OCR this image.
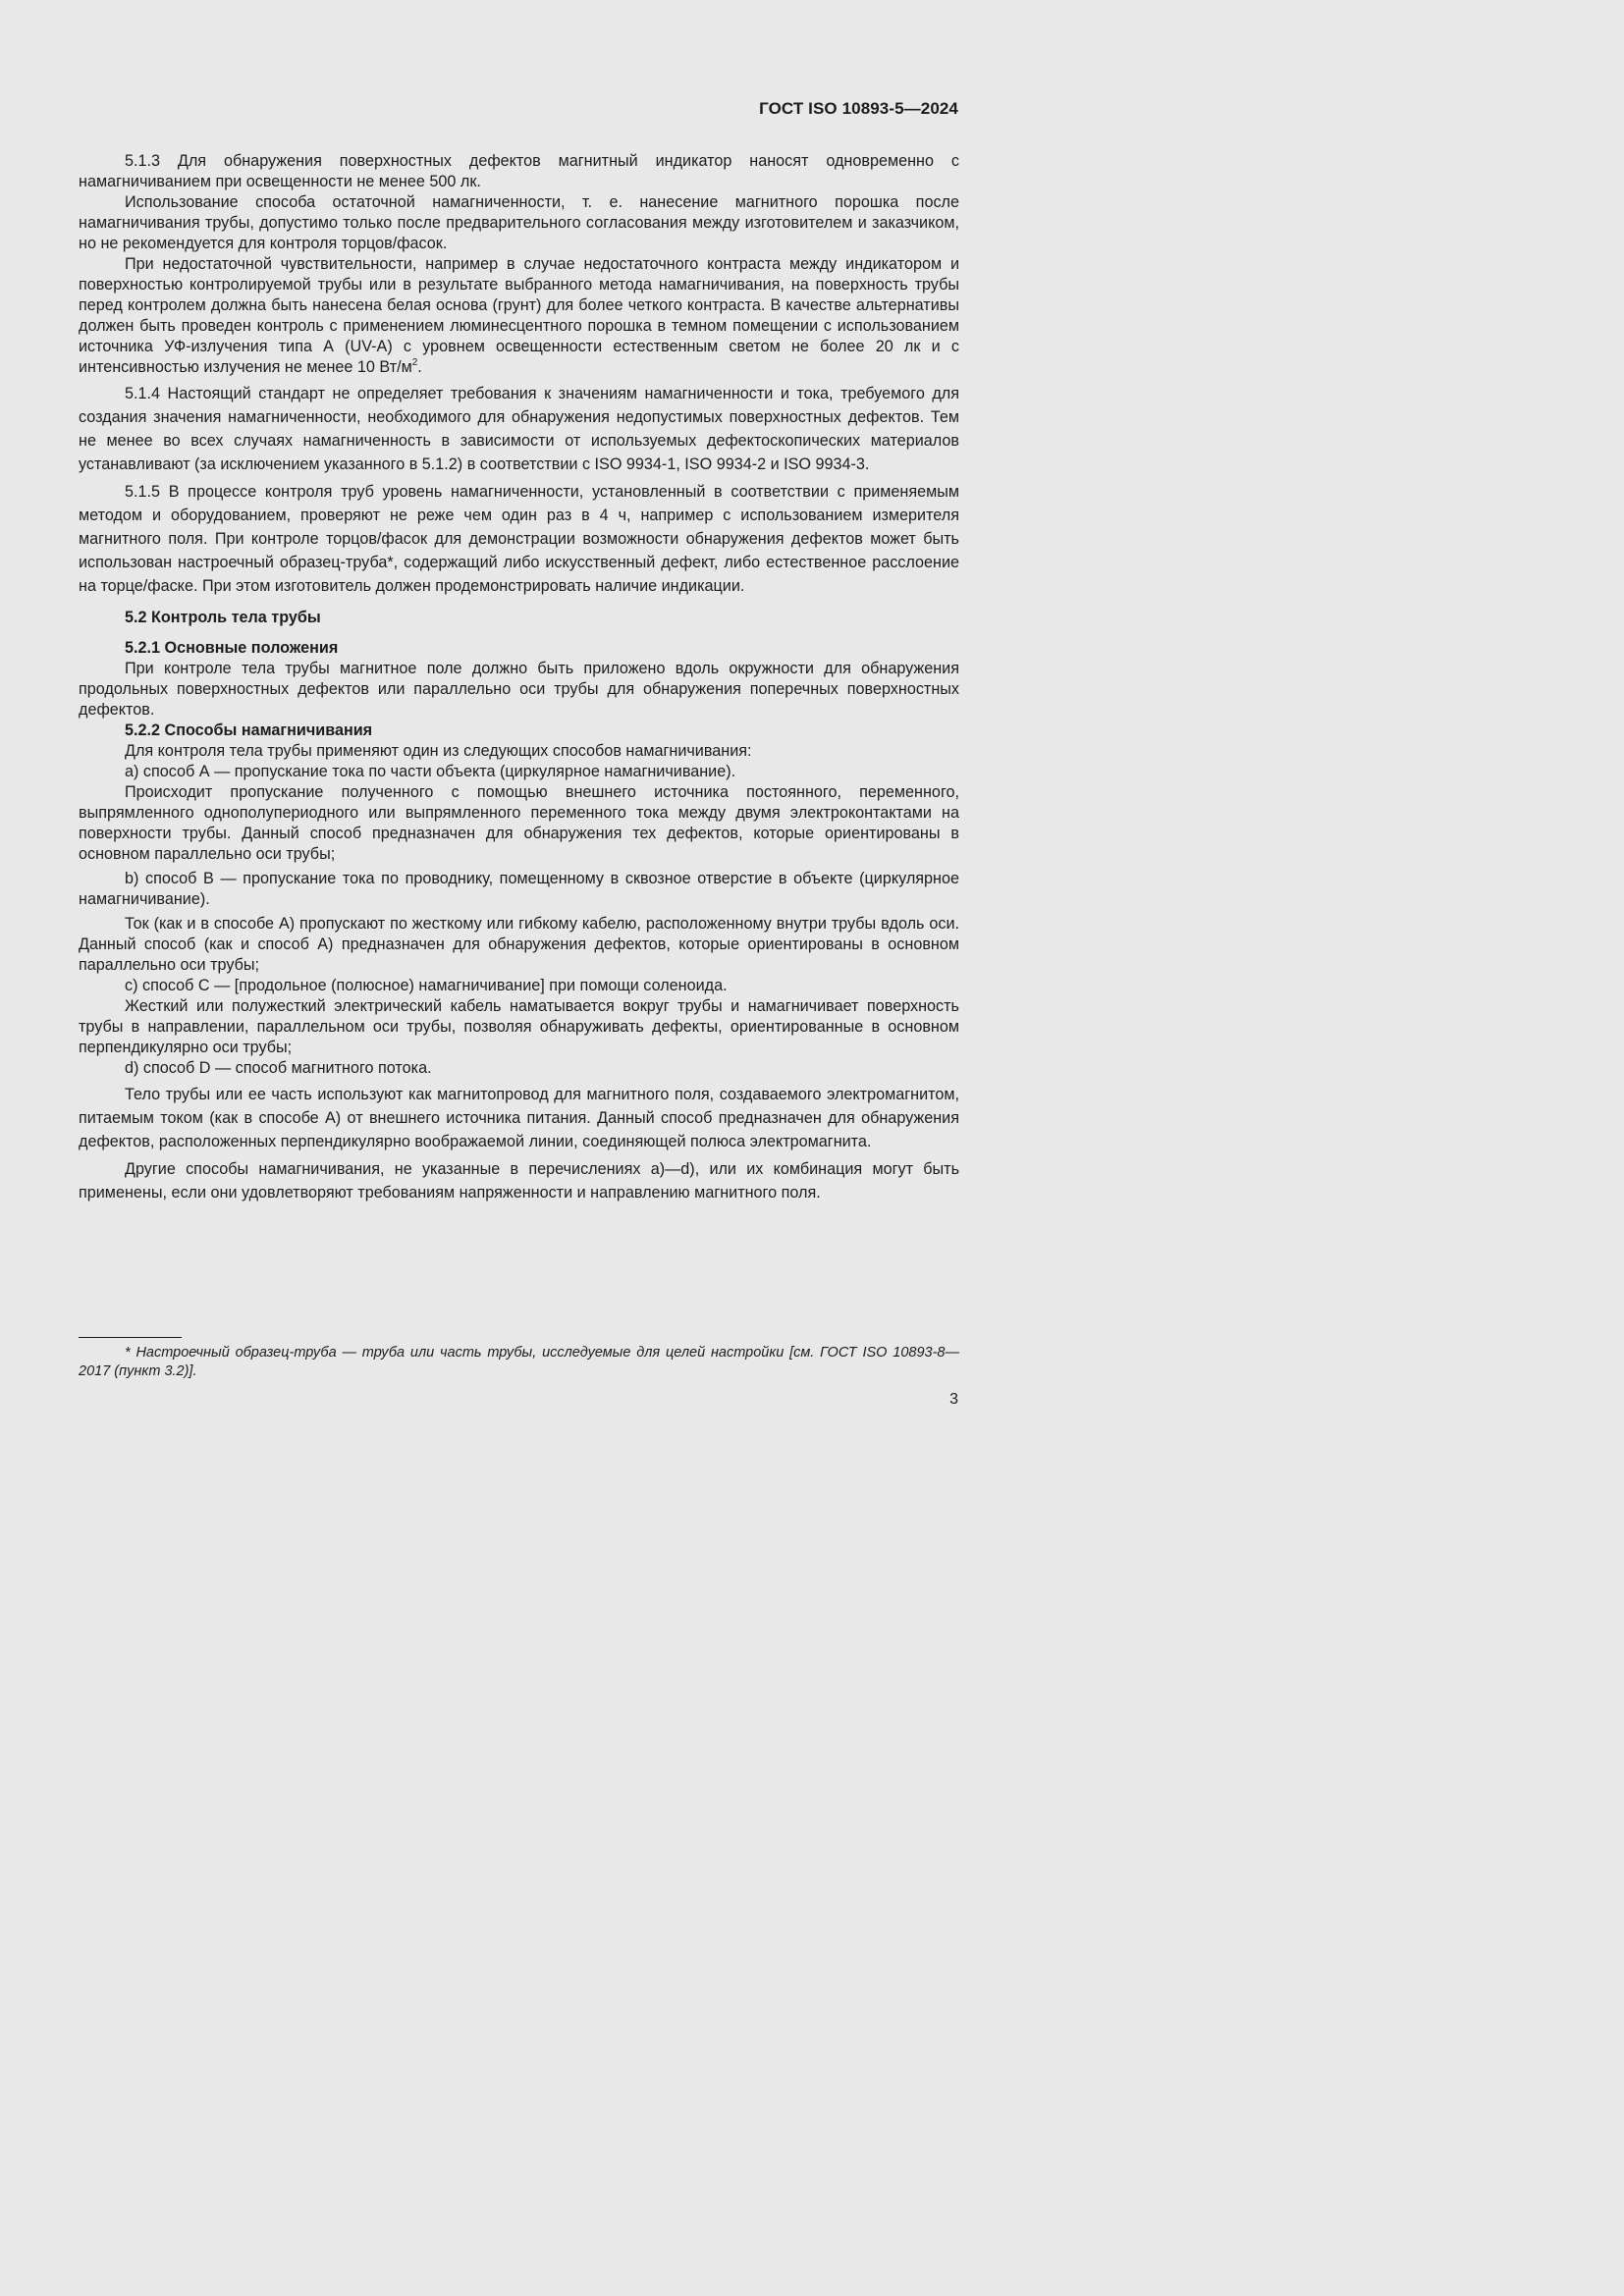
ГОСТ ISO 10893-5—2024

5.1.3 Для обнаружения поверхностных дефектов магнитный индикатор наносят одновременно с намагничиванием при освещенности не менее 500 лк.

Использование способа остаточной намагниченности, т. е. нанесение магнитного порошка после намагничивания трубы, допустимо только после предварительного согласования между изготовителем и заказчиком, но не рекомендуется для контроля торцов/фасок.

При недостаточной чувствительности, например в случае недостаточного контраста между индикатором и поверхностью контролируемой трубы или в результате выбранного метода намагничивания, на поверхность трубы перед контролем должна быть нанесена белая основа (грунт) для более четкого контраста. В качестве альтернативы должен быть проведен контроль с применением люминесцентного порошка в темном помещении с использованием источника УФ-излучения типа А (UV-A) с уровнем освещенности естественным светом не более 20 лк и с интенсивностью излучения не менее 10 $Вт/м^2$.

5.1.4 Настоящий стандарт не определяет требования к значениям намагниченности и тока, требуемого для создания значения намагниченности, необходимого для обнаружения недопустимых поверхностных дефектов. Тем не менее во всех случаях намагниченность в зависимости от используемых дефектоскопических материалов устанавливают (за исключением указанного в 5.1.2) в соответствии с ISO 9934-1, ISO 9934-2 и ISO 9934-3.

5.1.5 В процессе контроля труб уровень намагниченности, установленный в соответствии с применяемым методом и оборудованием, проверяют не реже чем один раз в 4 ч, например с использованием измерителя магнитного поля. При контроле торцов/фасок для демонстрации возможности обнаружения дефектов может быть использован настроечный образец-труба*, содержащий либо искусственный дефект, либо естественное расслоение на торце/фаске. При этом изготовитель должен продемонстрировать наличие индикации.

5.2 Контроль тела трубы

5.2.1 Основные положения

При контроле тела трубы магнитное поле должно быть приложено вдоль окружности для обнаружения продольных поверхностных дефектов или параллельно оси трубы для обнаружения поперечных поверхностных дефектов.

5.2.2 Способы намагничивания

Для контроля тела трубы применяют один из следующих способов намагничивания:

a) способ А — пропускание тока по части объекта (циркулярное намагничивание).

Происходит пропускание полученного с помощью внешнего источника постоянного, переменного, выпрямленного однополупериодного или выпрямленного переменного тока между двумя электроконтактами на поверхности трубы. Данный способ предназначен для обнаружения тех дефектов, которые ориентированы в основном параллельно оси трубы;

b) способ В — пропускание тока по проводнику, помещенному в сквозное отверстие в объекте (циркулярное намагничивание).

Ток (как и в способе А) пропускают по жесткому или гибкому кабелю, расположенному внутри трубы вдоль оси. Данный способ (как и способ А) предназначен для обнаружения дефектов, которые ориентированы в основном параллельно оси трубы;

c) способ С — [продольное (полюсное) намагничивание] при помощи соленоида.

Жесткий или полужесткий электрический кабель наматывается вокруг трубы и намагничивает поверхность трубы в направлении, параллельном оси трубы, позволяя обнаруживать дефекты, ориентированные в основном перпендикулярно оси трубы;

d) способ D — способ магнитного потока.

Тело трубы или ее часть используют как магнитопровод для магнитного поля, создаваемого электромагнитом, питаемым током (как в способе А) от внешнего источника питания. Данный способ предназначен для обнаружения дефектов, расположенных перпендикулярно воображаемой линии, соединяющей полюса электромагнита.

Другие способы намагничивания, не указанные в перечислениях а)—d), или их комбинация могут быть применены, если они удовлетворяют требованиям напряженности и направлению магнитного поля.

* Настроечный образец-труба — труба или часть трубы, исследуемые для целей настройки [см. ГОСТ ISO 10893-8—2017 (пункт 3.2)].
3
